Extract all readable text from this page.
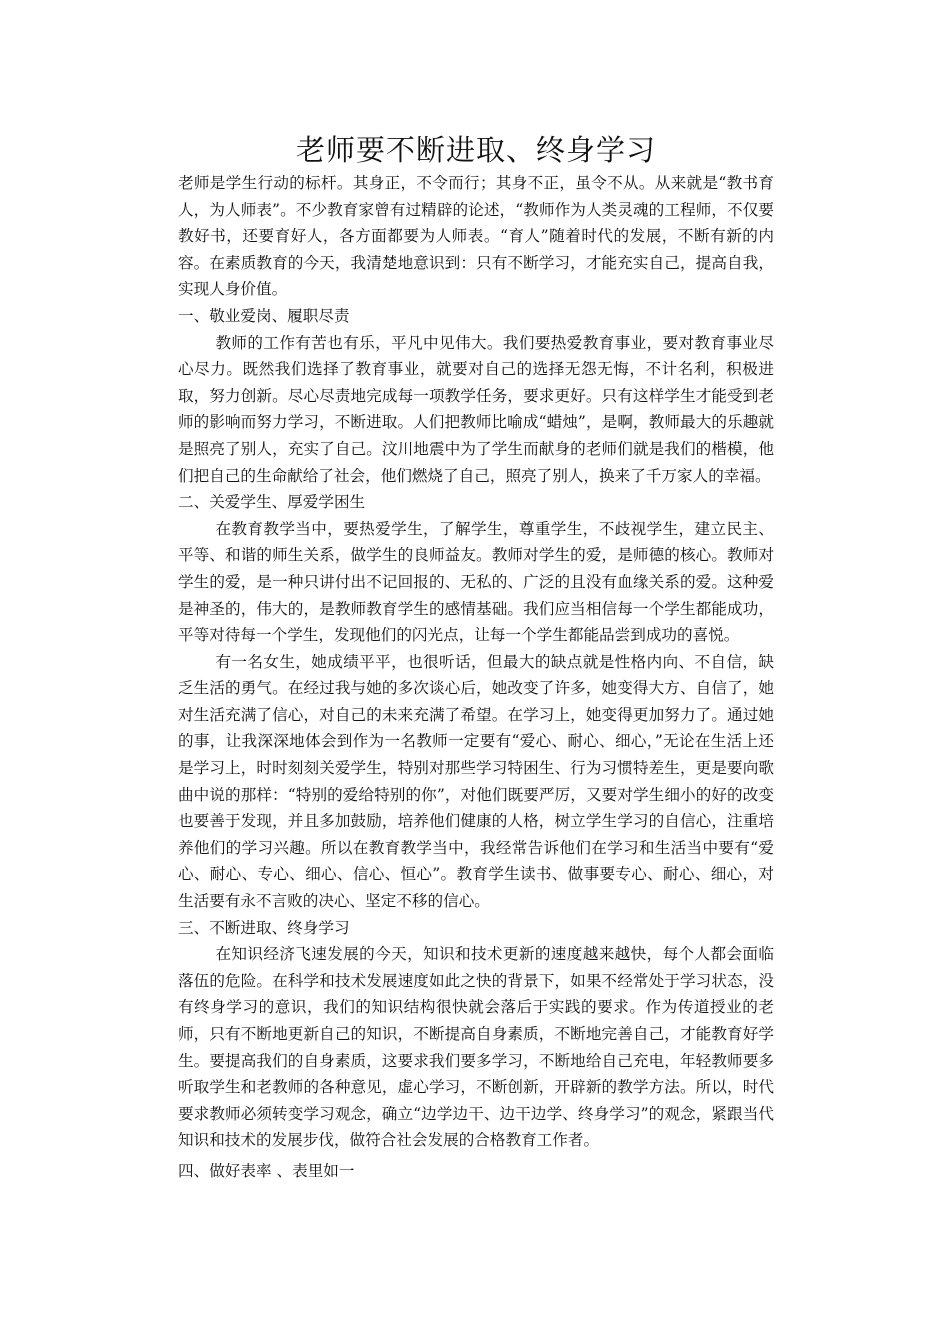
老师要不断进取、终身学习

老师是学生行动的标杆。其身正，不令而行；其身不正，虽令不从。从来就是“教书育人，为人师表”。不少教育家曾有过精辟的论述，“教师作为人类灵魂的工程师，不仅要教好书，还要育好人，各方面都要为人师表。“育人”随着时代的发展，不断有新的内容。在素质教育的今天，我清楚地意识到：只有不断学习，才能充实自己，提高自我，实现人身价值。

一、敬业爱岗、履职尽责

教师的工作有苦也有乐，平凡中见伟大。我们要热爱教育事业，要对教育事业尽心尽力。既然我们选择了教育事业，就要对自己的选择无怨无悔，不计名利，积极进取，努力创新。尽心尽责地完成每一项教学任务，要求更好。只有这样学生才能受到老师的影响而努力学习，不断进取。人们把教师比喻成“蜡烛”，是啊，教师最大的乐趣就是照亮了别人，充实了自己。汶川地震中为了学生而献身的老师们就是我们的楷模，他们把自己的生命献给了社会，他们燃烧了自己，照亮了别人，换来了千万家人的幸福。

二、关爱学生、厚爱学困生

在教育教学当中，要热爱学生，了解学生，尊重学生，不歧视学生，建立民主、平等、和谐的师生关系，做学生的良师益友。教师对学生的爱，是师德的核心。教师对学生的爱，是一种只讲付出不记回报的、无私的、广泛的且没有血缘关系的爱。这种爱是神圣的，伟大的，是教师教育学生的感情基础。我们应当相信每一个学生都能成功，平等对待每一个学生，发现他们的闪光点，让每一个学生都能品尝到成功的喜悦。

有一名女生，她成绩平平，也很听话，但最大的缺点就是性格内向、不自信，缺乏生活的勇气。在经过我与她的多次谈心后，她改变了许多，她变得大方、自信了，她对生活充满了信心，对自己的未来充满了希望。在学习上，她变得更加努力了。通过她的事，让我深深地体会到作为一名教师一定要有“爱心、耐心、细心，”无论在生活上还是学习上，时时刻刻关爱学生，特别对那些学习特困生、行为习惯特差生，更是要向歌曲中说的那样：“特别的爱给特别的你”，对他们既要严厉，又要对学生细小的好的改变也要善于发现，并且多加鼓励，培养他们健康的人格，树立学生学习的自信心，注重培养他们的学习兴趣。所以在教育教学当中，我经常告诉他们在学习和生活当中要有“爱心、耐心、专心、细心、信心、恒心”。教育学生读书、做事要专心、耐心、细心，对生活要有永不言败的决心、坚定不移的信心。

三、不断进取、终身学习

在知识经济飞速发展的今天，知识和技术更新的速度越来越快，每个人都会面临落伍的危险。在科学和技术发展速度如此之快的背景下，如果不经常处于学习状态，没有终身学习的意识，我们的知识结构很快就会落后于实践的要求。作为传道授业的老师，只有不断地更新自己的知识，不断提高自身素质，不断地完善自己，才能教育好学生。要提高我们的自身素质，这要求我们要多学习，不断地给自己充电，年轻教师要多听取学生和老教师的各种意见，虚心学习，不断创新，开辟新的教学方法。所以，时代要求教师必须转变学习观念，确立“边学边干、边干边学、终身学习”的观念，紧跟当代知识和技术的发展步伐，做符合社会发展的合格教育工作者。

四、做好表率 、表里如一
